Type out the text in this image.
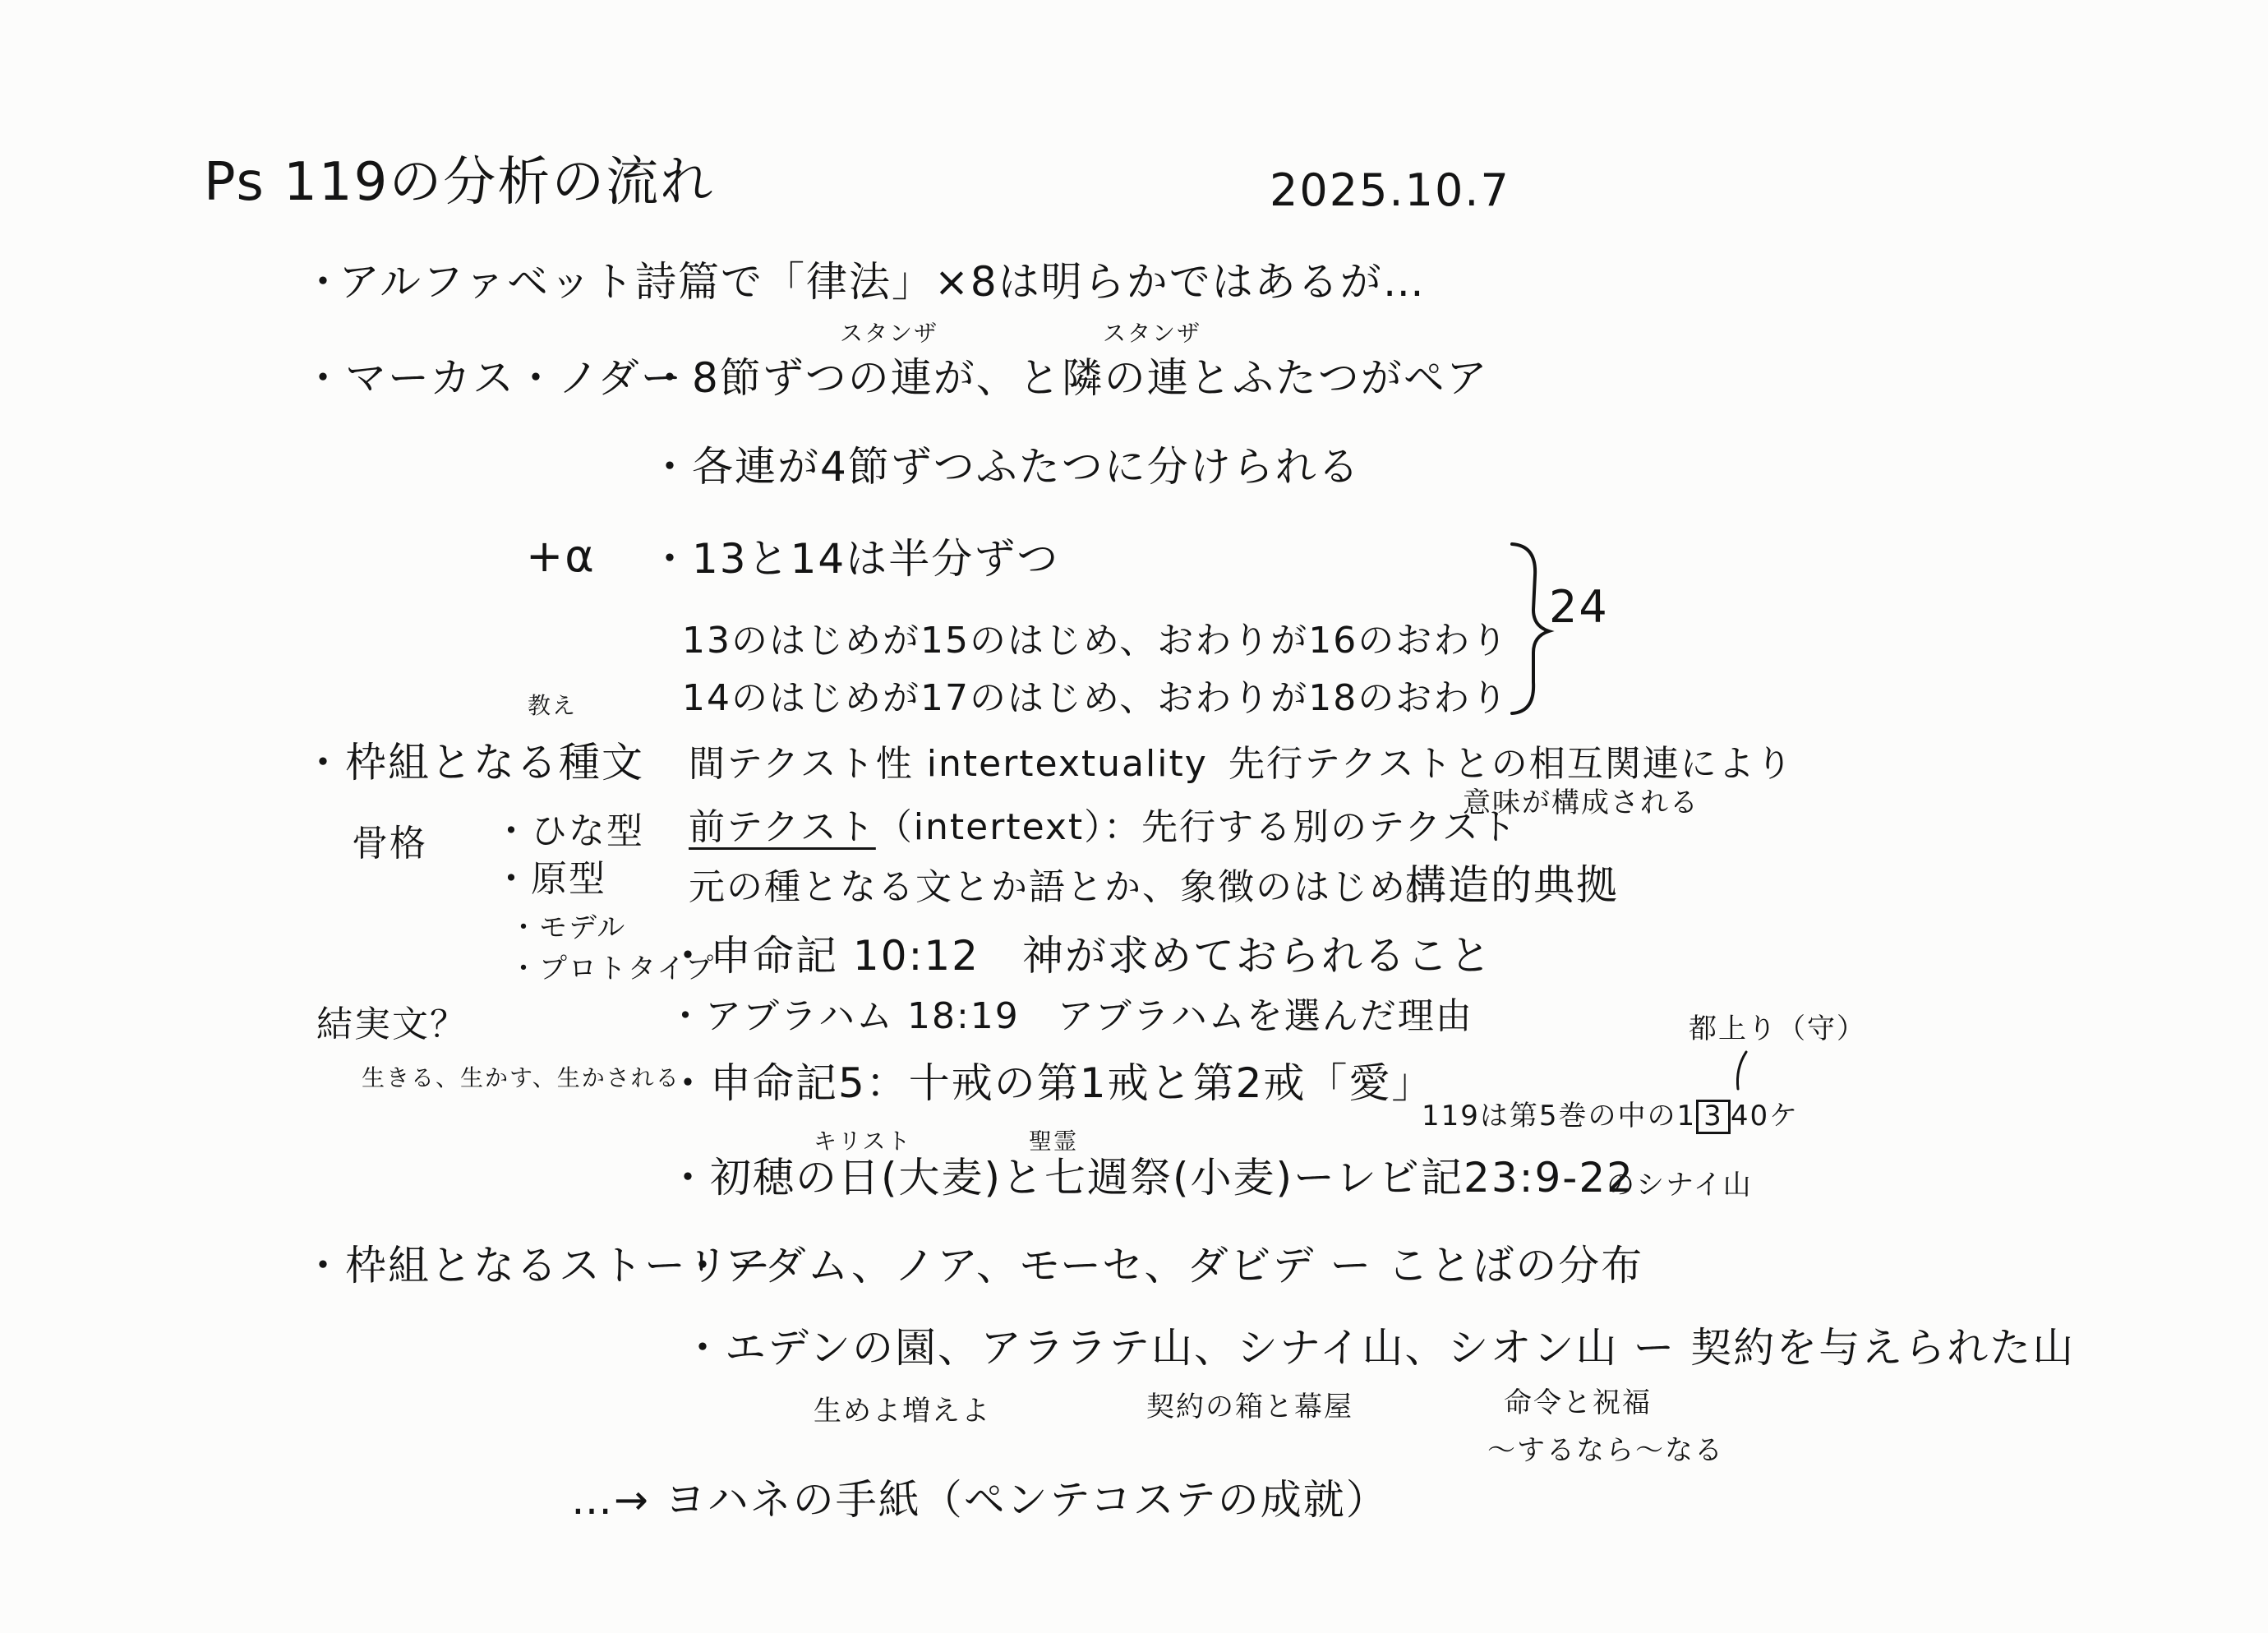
Ps 119の分析の流れ	2025.10.7
・
アルファベット詩篇で「律法」×8は明らかではあるが…
・マーカス・ノダー
スタンザ	スタンザ
・8節ずつの連が、と隣の連とふたつがペア
・各連が4節ずつふたつに分けられる
+α ・13と14は半分ずつ
13のはじめが15のはじめ、おわりが16のおわり
14のはじめが17のはじめ、おわりが18のおわり
24
教え
・枠組となる種文 間テクスト性 intertextuality 先行テクストとの相互関連により
意味が構成される
骨格 ・ひな型
・原型
・モデル
・プロトタイプ
前テクスト（intertext）：先行する別のテクスト
元の種となる文とか語とか、象徴のはじめ。
構造的典拠
・申命記 10:12　神が求めておられること
結実文？	・アブラハム 18:19　アブラハムを選んだ理由
生きる、生かす、生かされる
・申命記5：十戒の第1戒と第2戒「愛」
都上り（守）
119は第5巻の中の1 3 40ケ
キリスト	聖霊
・初穂の日(大麦)と七週祭(小麦)ーレビ記23:9-22
のシナイ山
・枠組となるストーリー
・アダム、ノア、モーセ、ダビデ ー ことばの分布
・エデンの園、アララテ山、シナイ山、シオン山 ー 契約を与えられた山
生めよ増えよ	契約の箱と幕屋	命令と祝福
〜するなら〜なる
…→ ヨハネの手紙（ペンテコステの成就）
